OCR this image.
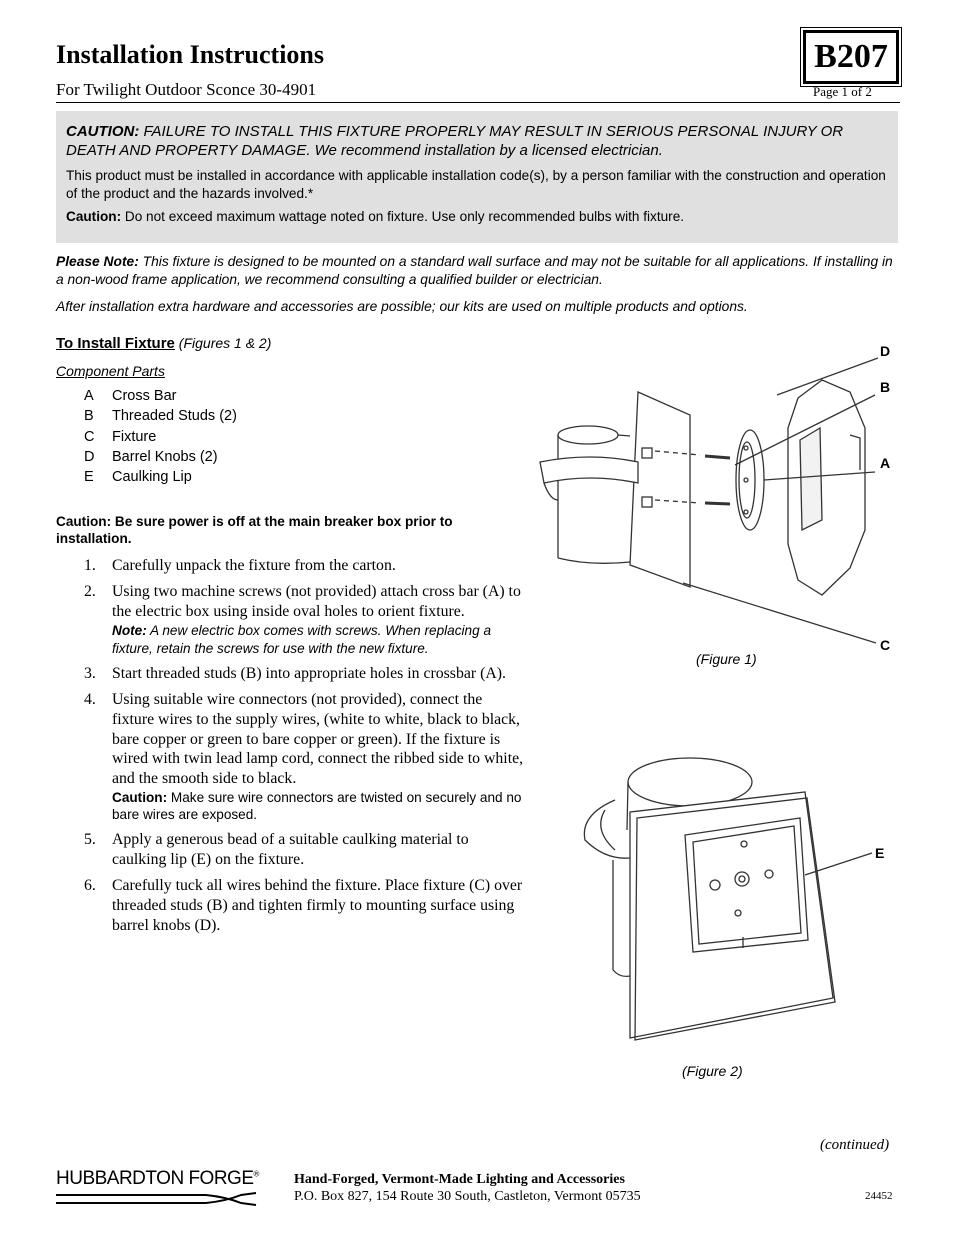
Installation Instructions	B207
For Twilight Outdoor Sconce 30-4901	Page 1 of 2
CAUTION: FAILURE TO INSTALL THIS FIXTURE PROPERLY MAY RESULT IN SERIOUS PERSONAL INJURY OR DEATH AND PROPERTY DAMAGE. We recommend installation by a licensed electrician.
This product must be installed in accordance with applicable installation code(s), by a person familiar with the construction and operation of the product and the hazards involved.*
Caution: Do not exceed maximum wattage noted on fixture. Use only recommended bulbs with fixture.
Please Note: This fixture is designed to be mounted on a standard wall surface and may not be suitable for all applications. If installing in a non-wood frame application, we recommend consulting a qualified builder or electrician.
After installation extra hardware and accessories are possible; our kits are used on multiple products and options.
To Install Fixture (Figures 1 & 2)
Component Parts
A	Cross Bar
B	Threaded Studs (2)
C	Fixture
D	Barrel Knobs (2)
E	Caulking Lip
Caution: Be sure power is off at the main breaker box prior to installation.
1.	Carefully unpack the fixture from the carton.
2.	Using two machine screws (not provided) attach cross bar (A) to the electric box using inside oval holes to orient fixture.
Note: A new electric box comes with screws. When replacing a fixture, retain the screws for use with the new fixture.
3.	Start threaded studs (B) into appropriate holes in crossbar (A).
4.	Using suitable wire connectors (not provided), connect the fixture wires to the supply wires, (white to white, black to black, bare copper or green to bare copper or green). If the fixture is wired with twin lead lamp cord, connect the ribbed side to white, and the smooth side to black.
Caution: Make sure wire connectors are twisted on securely and no bare wires are exposed.
5.	Apply a generous bead of a suitable caulking material to caulking lip (E) on the fixture.
6.	Carefully tuck all wires behind the fixture. Place fixture (C) over threaded studs (B) and tighten firmly to mounting surface using barrel knobs (D).
D
B
A
C
(Figure 1)
E
(Figure 2)
(continued)
HUBBARDTON FORGE®	Hand-Forged, Vermont-Made Lighting and Accessories
P.O. Box 827, 154 Route 30 South, Castleton, Vermont 05735	24452
